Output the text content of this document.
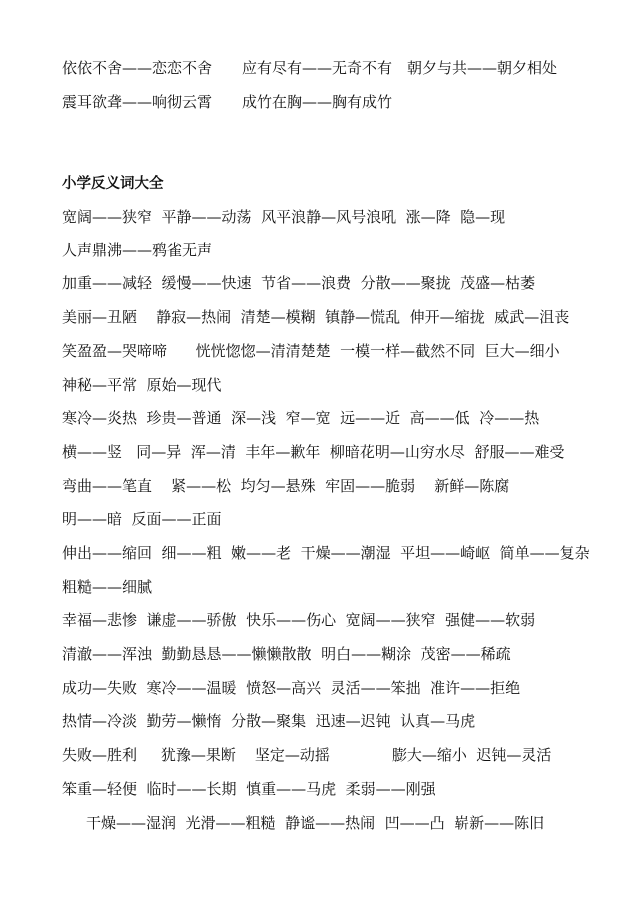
依依不舍——恋恋不舍　　应有尽有——无奇不有　朝夕与共——朝夕相处
震耳欲聋——响彻云霄　　成竹在胸——胸有成竹
小学反义词大全
宽阔——狭窄  平静——动荡  风平浪静—风号浪吼  涨—降  隐—现
人声鼎沸——鸦雀无声
加重——减轻  缓慢——快速  节省——浪费  分散——聚拢  茂盛—枯萎
美丽—丑陋    静寂—热闹  清楚—模糊  镇静—慌乱  伸开—缩拢  威武—沮丧
笑盈盈—哭啼啼      恍恍惚惚—清清楚楚  一模一样—截然不同  巨大—细小
神秘—平常  原始—现代
寒冷—炎热  珍贵—普通  深—浅  窄—宽  远——近  高——低  冷——热
横——竖   同—异  浑—清  丰年—歉年  柳暗花明—山穷水尽  舒服——难受
弯曲——笔直    紧——松  均匀—悬殊  牢固——脆弱    新鲜—陈腐
明——暗  反面——正面
伸出——缩回  细——粗  嫩——老  干燥——潮湿  平坦——崎岖  简单——复杂
粗糙——细腻
幸福—悲惨  谦虚——骄傲  快乐——伤心  宽阔——狭窄  强健——软弱
清澈——浑浊  勤勤恳恳——懒懒散散  明白——糊涂  茂密——稀疏
成功—失败  寒冷——温暖  愤怒—高兴  灵活——笨拙  准许——拒绝
热情—冷淡  勤劳—懒惰  分散—聚集  迅速—迟钝  认真—马虎
失败—胜利     犹豫—果断    坚定—动摇             膨大—缩小  迟钝—灵活
笨重—轻便  临时——长期  慎重——马虎  柔弱——刚强
干燥——湿润  光滑——粗糙  静谧——热闹  凹——凸  崭新——陈旧
